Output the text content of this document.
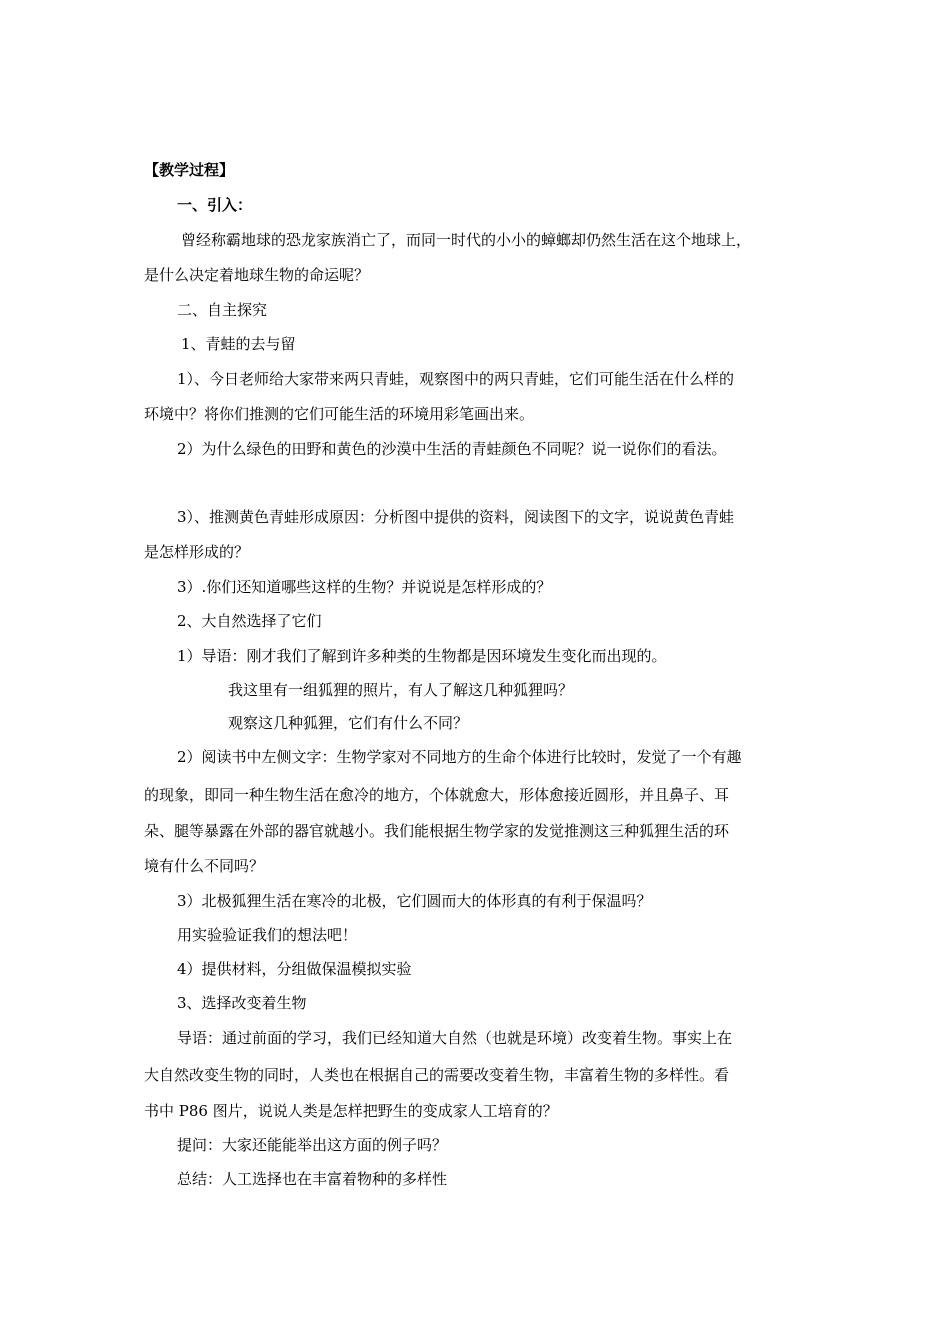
【教学过程】
一、引入：
曾经称霸地球的恐龙家族消亡了，而同一时代的小小的蟑螂却仍然生活在这个地球上，
是什么决定着地球生物的命运呢？
二、自主探究
1、青蛙的去与留
1）、今日老师给大家带来两只青蛙，观察图中的两只青蛙，它们可能生活在什么样的
环境中？将你们推测的它们可能生活的环境用彩笔画出来。
2）为什么绿色的田野和黄色的沙漠中生活的青蛙颜色不同呢？说一说你们的看法。
3）、推测黄色青蛙形成原因：分析图中提供的资料，阅读图下的文字，说说黄色青蛙
是怎样形成的？
3）.你们还知道哪些这样的生物？并说说是怎样形成的？
2、大自然选择了它们
1）导语：刚才我们了解到许多种类的生物都是因环境发生变化而出现的。
我这里有一组狐狸的照片，有人了解这几种狐狸吗？
观察这几种狐狸，它们有什么不同？
2）阅读书中左侧文字：生物学家对不同地方的生命个体进行比较时，发觉了一个有趣
的现象，即同一种生物生活在愈冷的地方，个体就愈大，形体愈接近圆形，并且鼻子、耳
朵、腿等暴露在外部的器官就越小。我们能根据生物学家的发觉推测这三种狐狸生活的环
境有什么不同吗？
3）北极狐狸生活在寒冷的北极，它们圆而大的体形真的有利于保温吗？
用实验验证我们的想法吧！
4）提供材料，分组做保温模拟实验
3、选择改变着生物
导语：通过前面的学习，我们已经知道大自然（也就是环境）改变着生物。事实上在
大自然改变生物的同时，人类也在根据自己的需要改变着生物，丰富着生物的多样性。看
书中 P86 图片，说说人类是怎样把野生的变成家人工培育的？
提问：大家还能能举出这方面的例子吗？
总结：人工选择也在丰富着物种的多样性
